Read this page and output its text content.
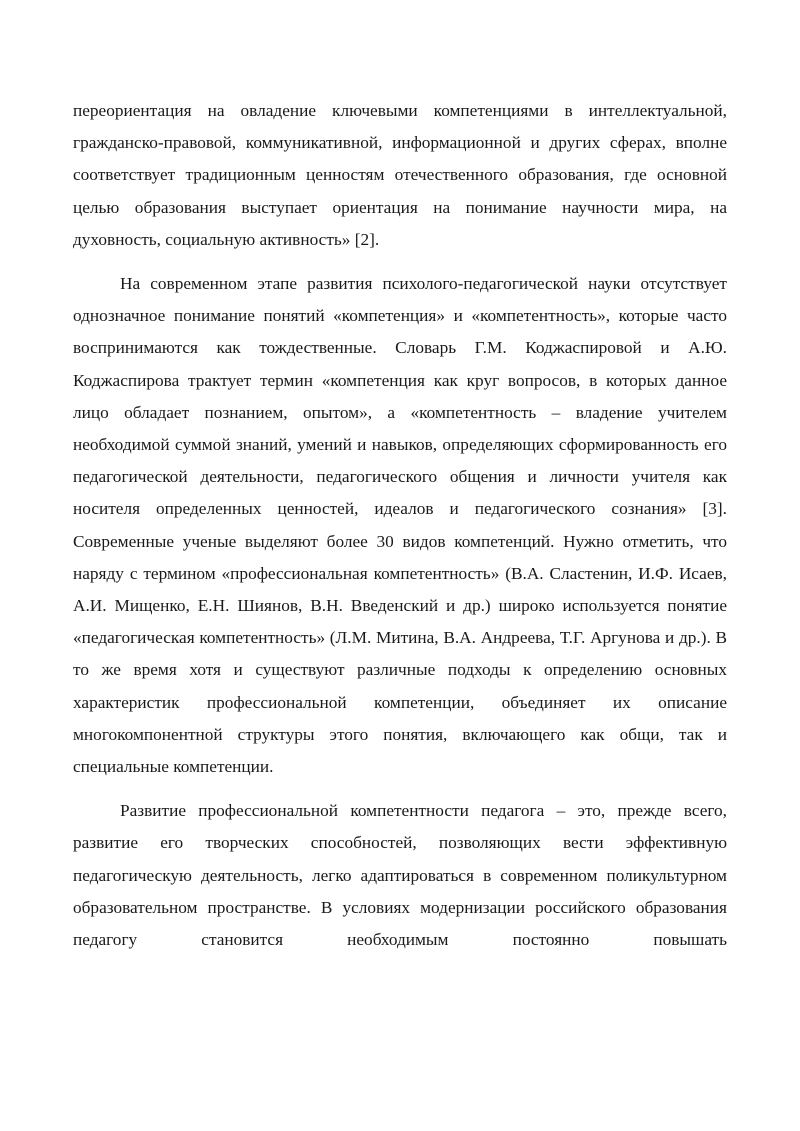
переориентация на овладение ключевыми компетенциями в интеллектуальной, гражданско-правовой, коммуникативной, информационной и других сферах, вполне соответствует традиционным ценностям отечественного образования, где основной целью образования выступает ориентация на понимание научности мира, на духовность, социальную активность» [2].

На современном этапе развития психолого-педагогической науки отсутствует однозначное понимание понятий «компетенция» и «компетентность», которые часто воспринимаются как тождественные. Словарь Г.М. Коджаспировой и А.Ю. Коджаспирова трактует термин «компетенция как круг вопросов, в которых данное лицо обладает познанием, опытом», а «компетентность – владение учителем необходимой суммой знаний, умений и навыков, определяющих сформированность его педагогической деятельности, педагогического общения и личности учителя как носителя определенных ценностей, идеалов и педагогического сознания» [3]. Современные ученые выделяют более 30 видов компетенций. Нужно отметить, что наряду с термином «профессиональная компетентность» (В.А. Сластенин, И.Ф. Исаев, А.И. Мищенко, Е.Н. Шиянов, В.Н. Введенский и др.) широко используется понятие «педагогическая компетентность» (Л.М. Митина, В.А. Андреева, Т.Г. Аргунова и др.). В то же время хотя и существуют различные подходы к определению основных характеристик профессиональной компетенции, объединяет их описание многокомпонентной структуры этого понятия, включающего как общи, так и специальные компетенции.

Развитие профессиональной компетентности педагога – это, прежде всего, развитие его творческих способностей, позволяющих вести эффективную педагогическую деятельность, легко адаптироваться в современном поликультурном образовательном пространстве. В условиях модернизации российского образования педагогу становится необходимым постоянно повышать
